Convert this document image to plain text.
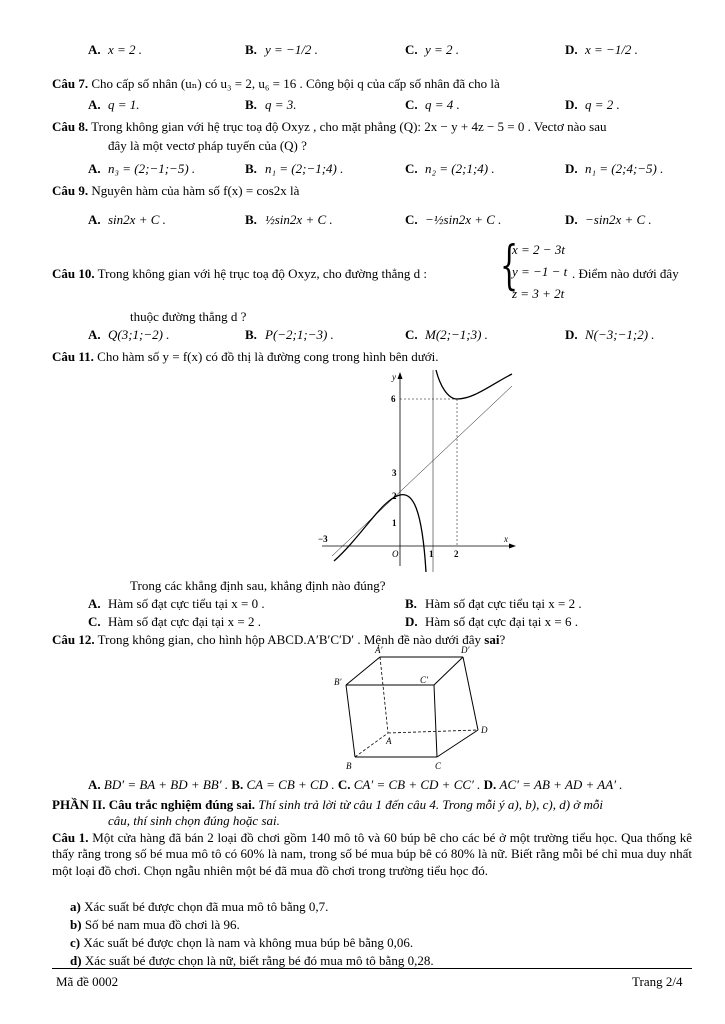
A. x = 2 .	B. y = −1/2 .	C. y = 2 .	D. x = −1/2 .
Câu 7. Cho cấp số nhân (uₙ) có u₃ = 2, u₆ = 16 . Công bội q của cấp số nhân đã cho là
A. q = 1.	B. q = 3.	C. q = 4 .	D. q = 2 .
Câu 8. Trong không gian với hệ trục toạ độ Oxyz , cho mặt phẳng (Q): 2x − y + 4z − 5 = 0 . Vectơ nào sau
đây là một vectơ pháp tuyến của (Q) ?
A. n₃ = (2;−1;−5) .	B. n₁ = (2;−1;4) .	C. n₂ = (2;1;4) .	D. n₁ = (2;4;−5) .
Câu 9. Nguyên hàm của hàm số f(x) = cos2x là
A. sin2x + C .	B. ½sin2x + C .	C. −½sin2x + C .	D. −sin2x + C .
Câu 10. Trong không gian với hệ trục toạ độ Oxyz, cho đường thẳng d : {
x = 2 − 3t
y = −1 − t
z = 3 + 2t
. Điểm nào dưới đây
thuộc đường thẳng d ?
A. Q(3;1;−2) .	B. P(−2;1;−3) .	C. M(2;−1;3) .	D. N(−3;−1;2) .
Câu 11. Cho hàm số y = f(x) có đồ thị là đường cong trong hình bên dưới.
y
x
O
6
3
2
1
−3
1 2
Trong các khẳng định sau, khẳng định nào đúng?
A. Hàm số đạt cực tiểu tại x = 0 .	B. Hàm số đạt cực tiểu tại x = 2 .
C. Hàm số đạt cực đại tại x = 2 .	D. Hàm số đạt cực đại tại x = 6 .
Câu 12. Trong không gian, cho hình hộp ABCD.A′B′C′D′ . Mệnh đề nào dưới đây sai?
A′	D′
B′	C′
A
D
B	C
A. BD′ = BA + BD + BB′ . B. CA = CB + CD . C. CA′ = CB + CD + CC′ . D. AC′ = AB + AD + AA′ .
PHẦN II. Câu trắc nghiệm đúng sai. Thí sinh trả lời từ câu 1 đến câu 4. Trong mỗi ý a), b), c), d) ở mỗi
câu, thí sinh chọn đúng hoặc sai.
Câu 1. Một cửa hàng đã bán 2 loại đồ chơi gồm 140 mô tô và 60 búp bê cho các bé ở một trường tiểu học. Qua thống kê thấy rằng trong số bé mua mô tô có 60% là nam, trong số bé mua búp bê có 80% là nữ. Biết rằng mỗi bé chỉ mua duy nhất một loại đồ chơi. Chọn ngẫu nhiên một bé đã mua đồ chơi trong trường tiểu học đó.
a) Xác suất bé được chọn đã mua mô tô bằng 0,7.
b) Số bé nam mua đồ chơi là 96.
c) Xác suất bé được chọn là nam và không mua búp bê bằng 0,06.
d) Xác suất bé được chọn là nữ, biết rằng bé đó mua mô tô bằng 0,28.
Mã đề 0002	Trang 2/4
